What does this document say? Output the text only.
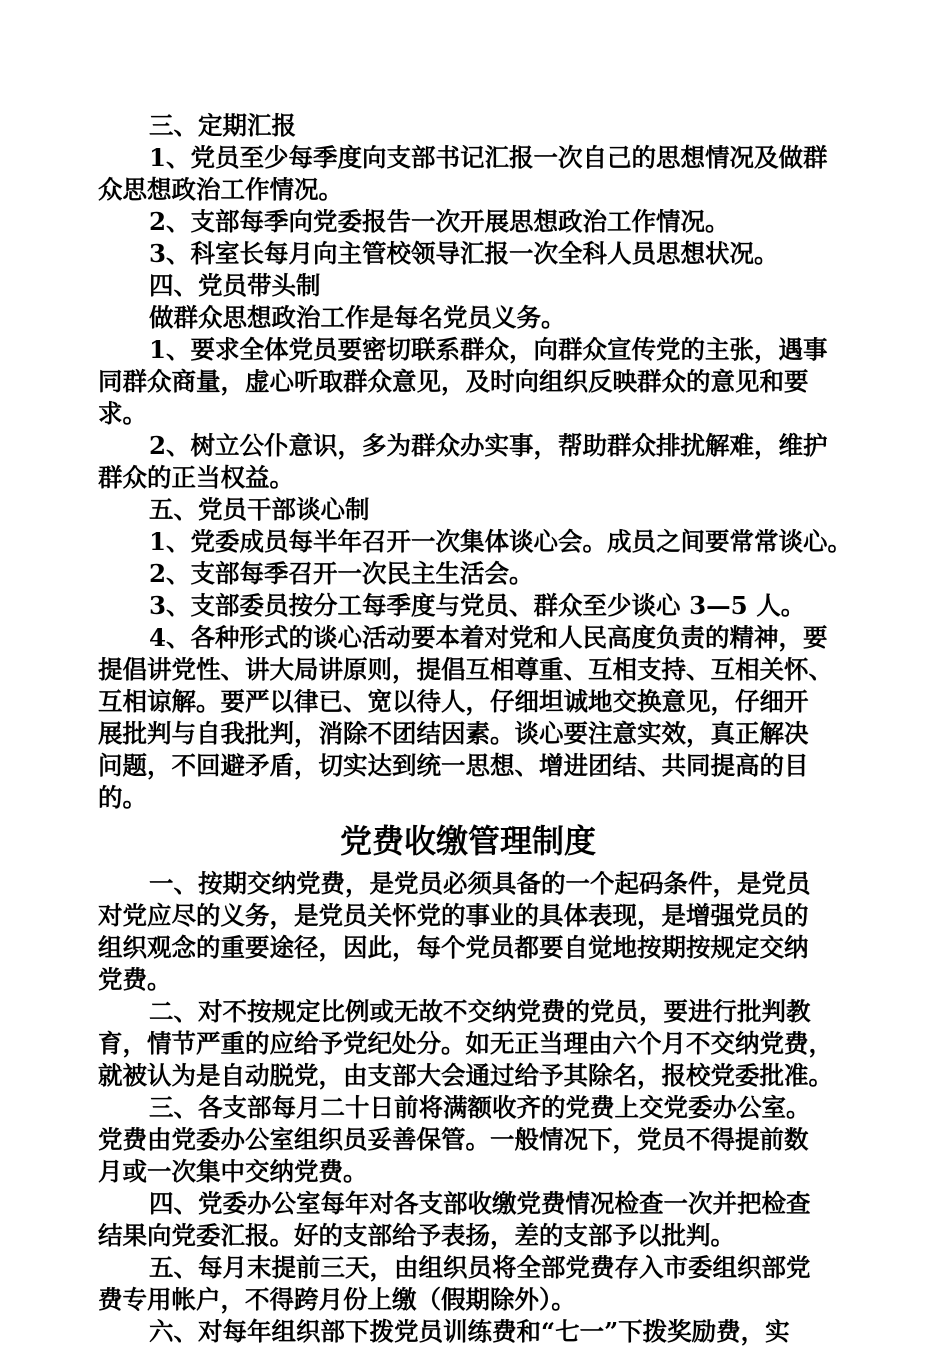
三、定期汇报
1、党员至少每季度向支部书记汇报一次自己的思想情况及做群
众思想政治工作情况。
2、支部每季向党委报告一次开展思想政治工作情况。
3、科室长每月向主管校领导汇报一次全科人员思想状况。
四、党员带头制
做群众思想政治工作是每名党员义务。
1、要求全体党员要密切联系群众，向群众宣传党的主张，遇事
同群众商量，虚心听取群众意见，及时向组织反映群众的意见和要
求。
2、树立公仆意识，多为群众办实事，帮助群众排扰解难，维护
群众的正当权益。
五、党员干部谈心制
1、党委成员每半年召开一次集体谈心会。成员之间要常常谈心。
2、支部每季召开一次民主生活会。
3、支部委员按分工每季度与党员、群众至少谈心 3—5 人。
4、各种形式的谈心活动要本着对党和人民高度负责的精神，要
提倡讲党性、讲大局讲原则，提倡互相尊重、互相支持、互相关怀、
互相谅解。要严以律已、宽以待人，仔细坦诚地交换意见，仔细开
展批判与自我批判，消除不团结因素。谈心要注意实效，真正解决
问题，不回避矛盾，切实达到统一思想、增进团结、共同提高的目
的。
党费收缴管理制度
一、按期交纳党费，是党员必须具备的一个起码条件，是党员
对党应尽的义务，是党员关怀党的事业的具体表现，是增强党员的
组织观念的重要途径，因此，每个党员都要自觉地按期按规定交纳
党费。
二、对不按规定比例或无故不交纳党费的党员，要进行批判教
育，情节严重的应给予党纪处分。如无正当理由六个月不交纳党费，
就被认为是自动脱党，由支部大会通过给予其除名，报校党委批准。
三、各支部每月二十日前将满额收齐的党费上交党委办公室。
党费由党委办公室组织员妥善保管。一般情况下，党员不得提前数
月或一次集中交纳党费。
四、党委办公室每年对各支部收缴党费情况检查一次并把检查
结果向党委汇报。好的支部给予表扬，差的支部予以批判。
五、每月末提前三天，由组织员将全部党费存入市委组织部党
费专用帐户，不得跨月份上缴（假期除外）。
六、对每年组织部下拨党员训练费和“七一”下拨奖励费，实
